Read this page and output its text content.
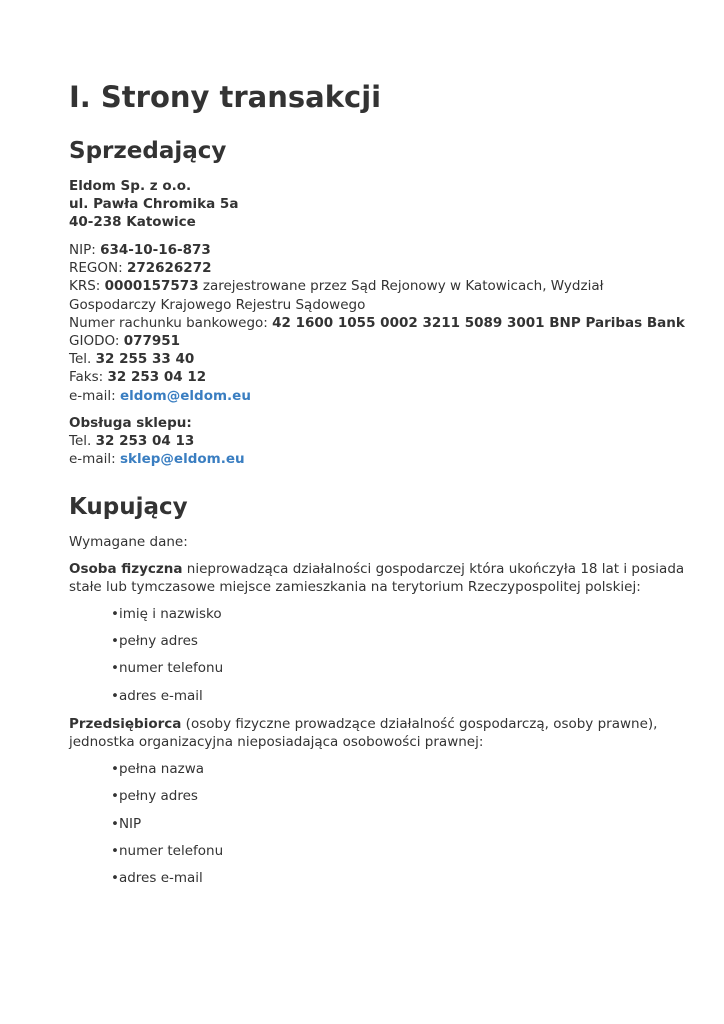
I. Strony transakcji
Sprzedający
Eldom Sp. z o.o.
ul. Pawła Chromika 5a
40-238 Katowice
NIP: 634-10-16-873
REGON: 272626272
KRS: 0000157573 zarejestrowane przez Sąd Rejonowy w Katowicach, Wydział
Gospodarczy Krajowego Rejestru Sądowego
Numer rachunku bankowego: 42 1600 1055 0002 3211 5089 3001 BNP Paribas Bank
GIODO: 077951
Tel. 32 255 33 40
Faks: 32 253 04 12
e-mail: eldom@eldom.eu
Obsługa sklepu:
Tel. 32 253 04 13
e-mail: sklep@eldom.eu
Kupujący
Wymagane dane:
Osoba fizyczna nieprowadząca działalności gospodarczej która ukończyła 18 lat i posiada
stałe lub tymczasowe miejsce zamieszkania na terytorium Rzeczypospolitej polskiej:
•imię i nazwisko
•pełny adres
•numer telefonu
•adres e-mail
Przedsiębiorca (osoby fizyczne prowadzące działalność gospodarczą, osoby prawne),
jednostka organizacyjna nieposiadająca osobowości prawnej:
•pełna nazwa
•pełny adres
•NIP
•numer telefonu
•adres e-mail
